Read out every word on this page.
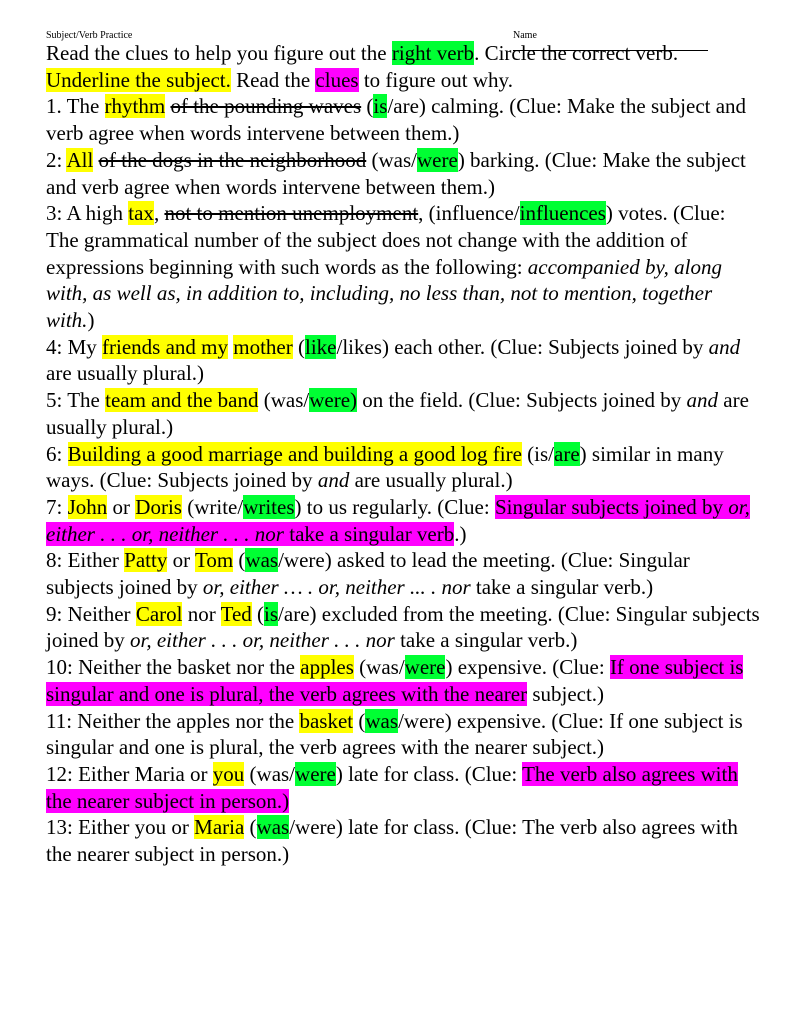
Subject/Verb Practice	Name

Read the clues to help you figure out the right verb. Circle the correct verb. Underline the subject. Read the clues to figure out why.

1. The rhythm of the pounding waves (is/are) calming. (Clue: Make the subject and verb agree when words intervene between them.)

2: All of the dogs in the neighborhood (was/were) barking. (Clue: Make the subject and verb agree when words intervene between them.)

3: A high tax, not to mention unemployment, (influence/influences) votes. (Clue: The grammatical number of the subject does not change with the addition of expressions beginning with such words as the following: accompanied by, along with, as well as, in addition to, including, no less than, not to mention, together with.)

4: My friends and my mother (like/likes) each other. (Clue: Subjects joined by and are usually plural.)

5: The team and the band (was/were) on the field. (Clue: Subjects joined by and are usually plural.)

6: Building a good marriage and building a good log fire (is/are) similar in many ways. (Clue: Subjects joined by and are usually plural.)

7: John or Doris (write/writes) to us regularly. (Clue: Singular subjects joined by or, either . . . or, neither . . . nor take a singular verb.)

8: Either Patty or Tom (was/were) asked to lead the meeting. (Clue: Singular subjects joined by or, either … . or, neither ... . nor take a singular verb.)

9: Neither Carol nor Ted (is/are) excluded from the meeting. (Clue: Singular subjects joined by or, either . . . or, neither . . . nor take a singular verb.)

10: Neither the basket nor the apples (was/were) expensive. (Clue: If one subject is singular and one is plural, the verb agrees with the nearer subject.)

11: Neither the apples nor the basket (was/were) expensive. (Clue: If one subject is singular and one is plural, the verb agrees with the nearer subject.)

12: Either Maria or you (was/were) late for class. (Clue: The verb also agrees with the nearer subject in person.)

13: Either you or Maria (was/were) late for class. (Clue: The verb also agrees with the nearer subject in person.)
